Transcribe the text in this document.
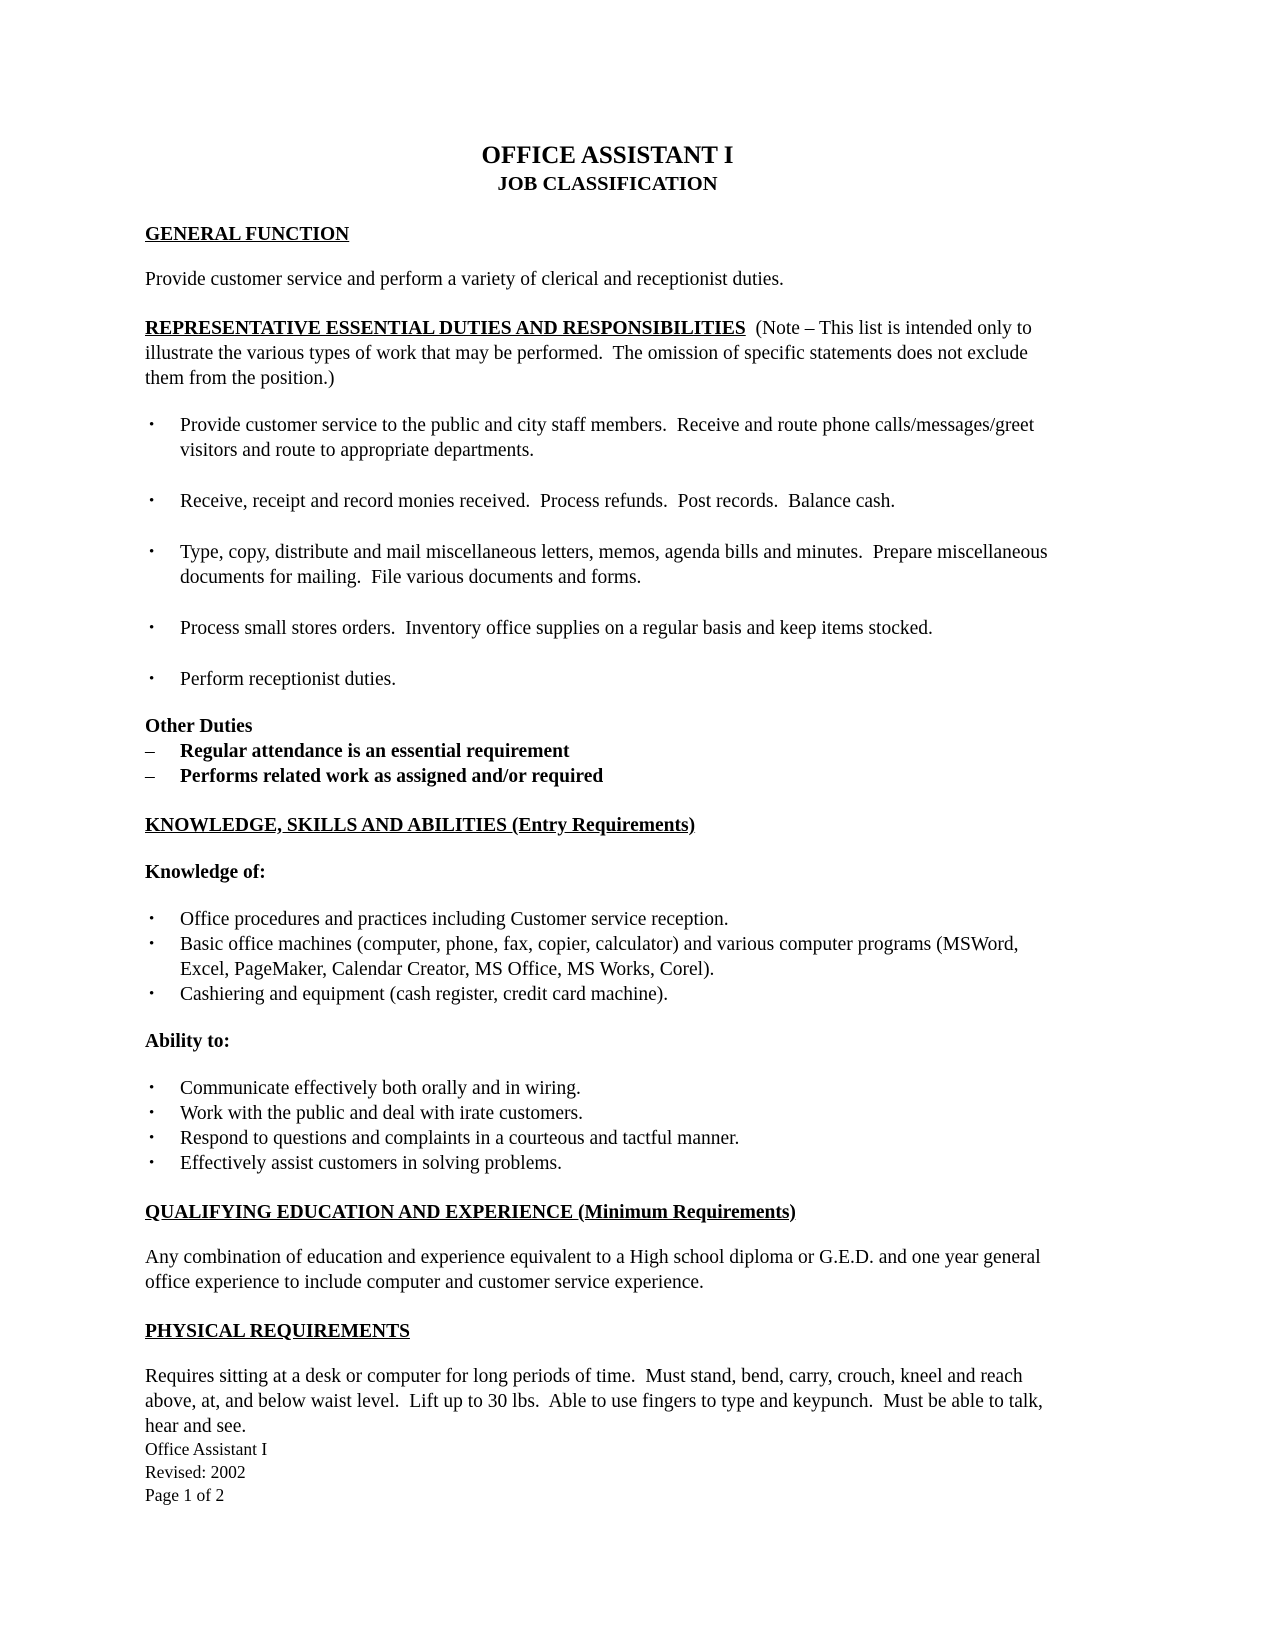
OFFICE ASSISTANT I
JOB CLASSIFICATION
GENERAL FUNCTION

Provide customer service and perform a variety of clerical and receptionist duties.

REPRESENTATIVE ESSENTIAL DUTIES AND RESPONSIBILITIES  (Note – This list is intended only to illustrate the various types of work that may be performed.  The omission of specific statements does not exclude them from the position.)

•	Provide customer service to the public and city staff members.  Receive and route phone calls/messages/greet visitors and route to appropriate departments.
•	Receive, receipt and record monies received.  Process refunds.  Post records.  Balance cash.
•	Type, copy, distribute and mail miscellaneous letters, memos, agenda bills and minutes.  Prepare miscellaneous documents for mailing.  File various documents and forms.
•	Process small stores orders.  Inventory office supplies on a regular basis and keep items stocked.
•	Perform receptionist duties.
Other Duties
–	Regular attendance is an essential requirement
–	Performs related work as assigned and/or required
KNOWLEDGE, SKILLS AND ABILITIES (Entry Requirements)
Knowledge of:
•	Office procedures and practices including Customer service reception.
•	Basic office machines (computer, phone, fax, copier, calculator) and various computer programs (MSWord, Excel, PageMaker, Calendar Creator, MS Office, MS Works, Corel).
•	Cashiering and equipment (cash register, credit card machine).
Ability to:
•	Communicate effectively both orally and in wiring.
•	Work with the public and deal with irate customers.
•	Respond to questions and complaints in a courteous and tactful manner.
•	Effectively assist customers in solving problems.
QUALIFYING EDUCATION AND EXPERIENCE (Minimum Requirements)

Any combination of education and experience equivalent to a High school diploma or G.E.D. and one year general office experience to include computer and customer service experience.

PHYSICAL REQUIREMENTS

Requires sitting at a desk or computer for long periods of time.  Must stand, bend, carry, crouch, kneel and reach above, at, and below waist level.  Lift up to 30 lbs.  Able to use fingers to type and keypunch.  Must be able to talk, hear and see.

Office Assistant I
Revised: 2002
Page 1 of 2
